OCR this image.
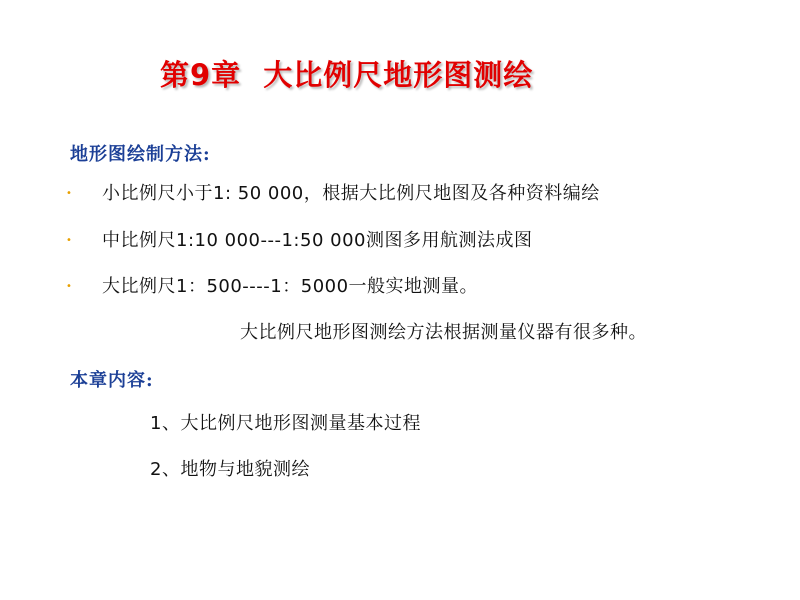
第9章 大比例尺地形图测绘
地形图绘制方法:
• 小比例尺小于1: 50 000，根据大比例尺地图及各种资料编绘
• 中比例尺1:10 000---1:50 000测图多用航测法成图
• 大比例尺1：500----1：5000一般实地测量。
大比例尺地形图测绘方法根据测量仪器有很多种。
本章内容:
1、大比例尺地形图测量基本过程
2、地物与地貌测绘
